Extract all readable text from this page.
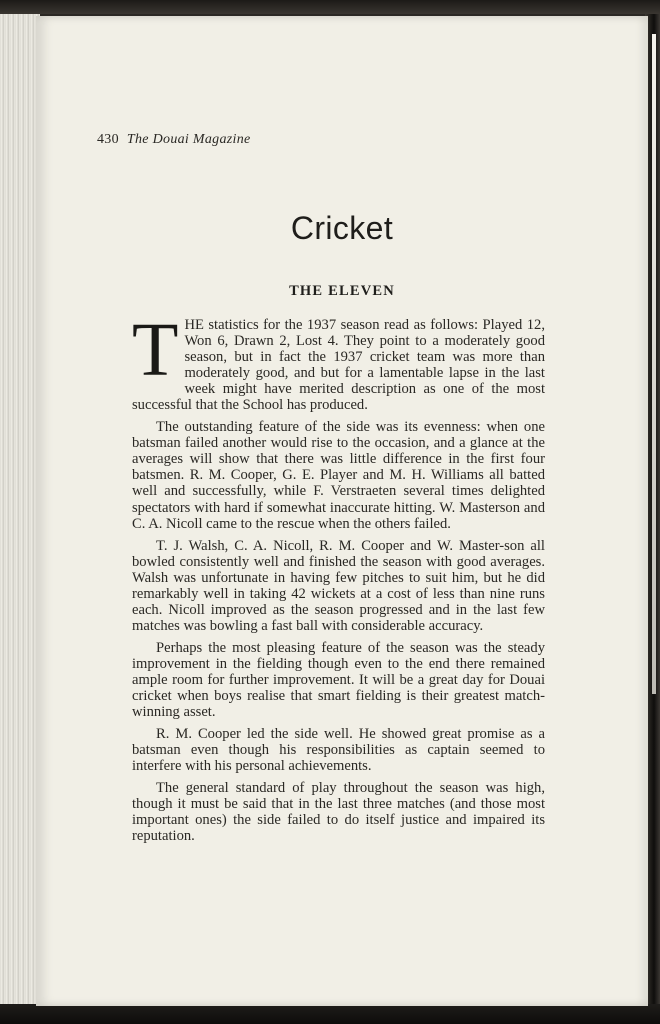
430 The Douai Magazine
Cricket
THE ELEVEN

THE statistics for the 1937 season read as follows: Played 12, Won 6, Drawn 2, Lost 4. They point to a moderately good season, but in fact the 1937 cricket team was more than moderately good, and but for a lamentable lapse in the last week might have merited description as one of the most successful that the School has produced.

The outstanding feature of the side was its evenness: when one batsman failed another would rise to the occasion, and a glance at the averages will show that there was little difference in the first four batsmen. R. M. Cooper, G. E. Player and M. H. Williams all batted well and successfully, while F. Verstraeten several times delighted spectators with hard if somewhat inaccurate hitting. W. Masterson and C. A. Nicoll came to the rescue when the others failed.

T. J. Walsh, C. A. Nicoll, R. M. Cooper and W. Master-son all bowled consistently well and finished the season with good averages. Walsh was unfortunate in having few pitches to suit him, but he did remarkably well in taking 42 wickets at a cost of less than nine runs each. Nicoll improved as the season progressed and in the last few matches was bowling a fast ball with considerable accuracy.

Perhaps the most pleasing feature of the season was the steady improvement in the fielding though even to the end there remained ample room for further improvement. It will be a great day for Douai cricket when boys realise that smart fielding is their greatest match-winning asset.

R. M. Cooper led the side well. He showed great promise as a batsman even though his responsibilities as captain seemed to interfere with his personal achievements.

The general standard of play throughout the season was high, though it must be said that in the last three matches (and those most important ones) the side failed to do itself justice and impaired its reputation.
